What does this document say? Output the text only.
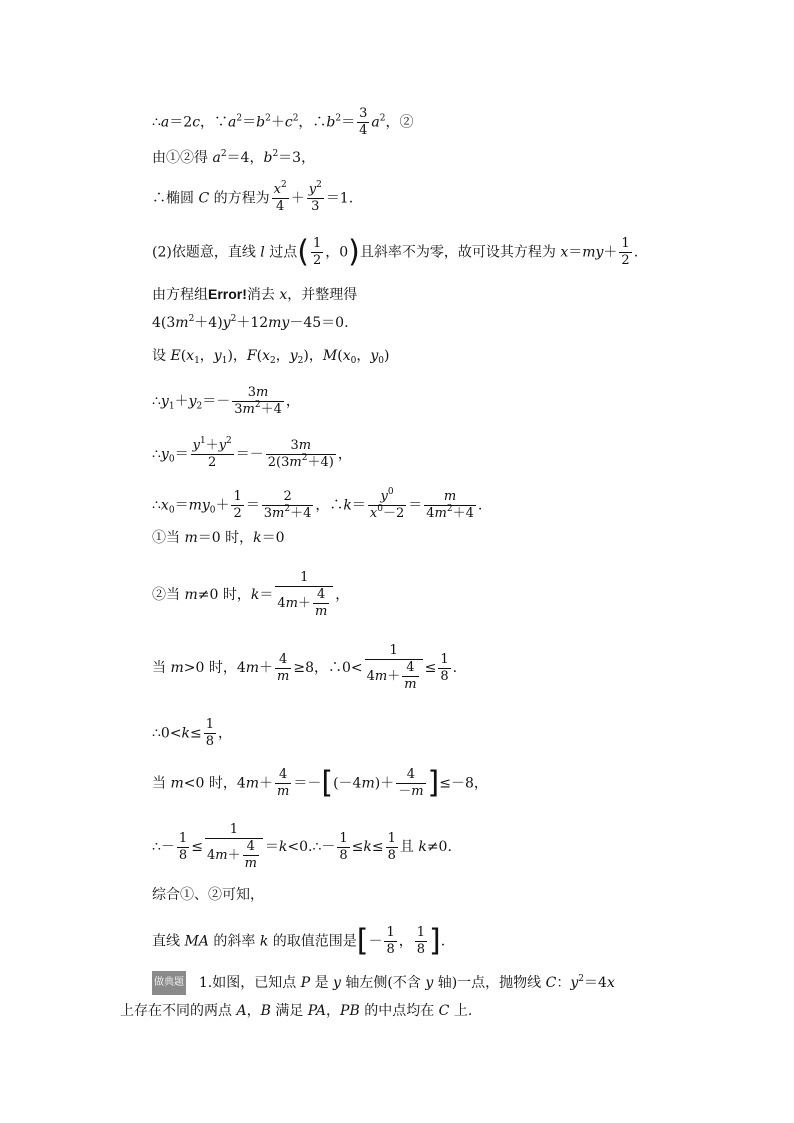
∴a＝2c，$\because a^2=b^2+c^2$，$\therefore b^2= \frac{3}{4} a^2$，②
由①②得 $a^2=4$，$b^2=3$，
∴椭圆 C 的方程为 $\frac{x^2}{4} + \frac{y^2}{3} =1$.
(2)依题意，直线 l 过点( $\frac{1}{2}$ ，0)且斜率不为零，故可设其方程为 $x=my+ \frac{1}{2}$ .
由方程组Error!消去 x，并整理得
$4(3m^2+4)y^2+12my-45=0$.
设 $E(x_1$，$y_1$)，$F(x_2$，$y_2$)，$M(x_0$，$y_0$)
$\therefore y_1+y_2=- \frac{3m}{3m^2+4}$ ，
$\therefore y_0= \frac{y^1+y^2}{2} =- \frac{3m}{2(3m^2+4)}$ ，
$\therefore x_0=my_0+ \frac{1}{2} = \frac{2}{3m^2+4}$ ，∴k＝ $\frac{y^0}{x^0-2} = \frac{m}{4m^2+4}$ .
①当 m＝0 时，k＝0
②当 m≠0 时，$k= \frac{1}{4m+ \frac{4}{m}}$ ，
当 m>0 时，$4m+ \frac{4}{m} \ge 8$，∴0< $\frac{1}{4m+ \frac{4}{m}} \le \frac{1}{8}$ .
∴0<k≤ $\frac{1}{8}$ ，
当 m<0 时，$4m+ \frac{4}{m} =-[(-4m)+ \frac{4}{-m} ]\le-8$，
∴－ $\frac{1}{8} \le \frac{1}{4m+ \frac{4}{m}}$ ＝k<0.∴－ $\frac{1}{8} \le k\le \frac{1}{8}$ 且 k≠0.
综合①、②可知，
直线 MA 的斜率 k 的取值范围是[－ $\frac{1}{8}$ ， $\frac{1}{8}$ ].
做典题  1.如图，已知点 P 是 y 轴左侧(不含 y 轴)一点，抛物线 C：$y^2=4x$
上存在不同的两点 A，B 满足 PA，PB 的中点均在 C 上.
